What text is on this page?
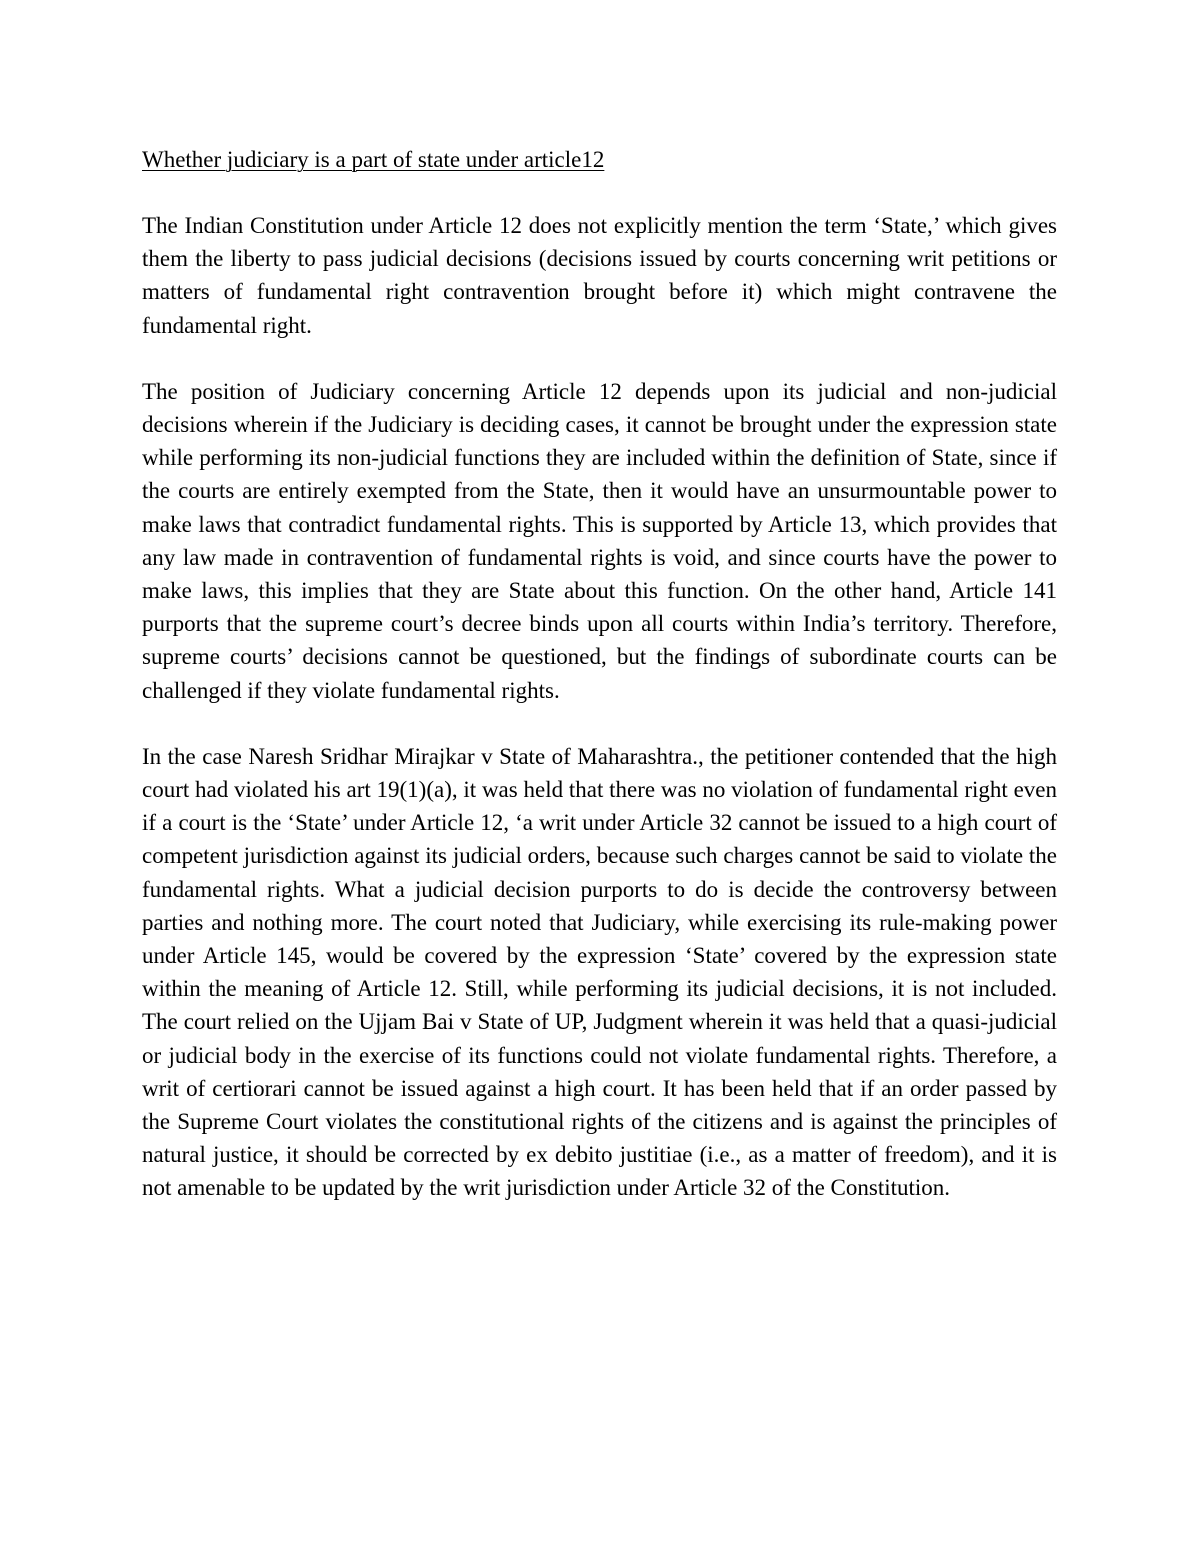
Whether judiciary is a part of state under article12

The Indian Constitution under Article 12 does not explicitly mention the term ‘State,’ which gives them the liberty to pass judicial decisions (decisions issued by courts concerning writ petitions or matters of fundamental right contravention brought before it) which might contravene the fundamental right.

The position of Judiciary concerning Article 12 depends upon its judicial and non-judicial decisions wherein if the Judiciary is deciding cases, it cannot be brought under the expression state while performing its non-judicial functions they are included within the definition of State, since if the courts are entirely exempted from the State, then it would have an unsurmountable power to make laws that contradict fundamental rights. This is supported by Article 13, which provides that any law made in contravention of fundamental rights is void, and since courts have the power to make laws, this implies that they are State about this function. On the other hand, Article 141 purports that the supreme court’s decree binds upon all courts within India’s territory. Therefore, supreme courts’ decisions cannot be questioned, but the findings of subordinate courts can be challenged if they violate fundamental rights.

In the case Naresh Sridhar Mirajkar v State of Maharashtra., the petitioner contended that the high court had violated his art 19(1)(a), it was held that there was no violation of fundamental right even if a court is the ‘State’ under Article 12, ‘a writ under Article 32 cannot be issued to a high court of competent jurisdiction against its judicial orders, because such charges cannot be said to violate the fundamental rights. What a judicial decision purports to do is decide the controversy between parties and nothing more. The court noted that Judiciary, while exercising its rule-making power under Article 145, would be covered by the expression ‘State’ covered by the expression state within the meaning of Article 12. Still, while performing its judicial decisions, it is not included. The court relied on the Ujjam Bai v State of UP, Judgment wherein it was held that a quasi-judicial or judicial body in the exercise of its functions could not violate fundamental rights. Therefore, a writ of certiorari cannot be issued against a high court. It has been held that if an order passed by the Supreme Court violates the constitutional rights of the citizens and is against the principles of natural justice, it should be corrected by ex debito justitiae (i.e., as a matter of freedom), and it is not amenable to be updated by the writ jurisdiction under Article 32 of the Constitution.
